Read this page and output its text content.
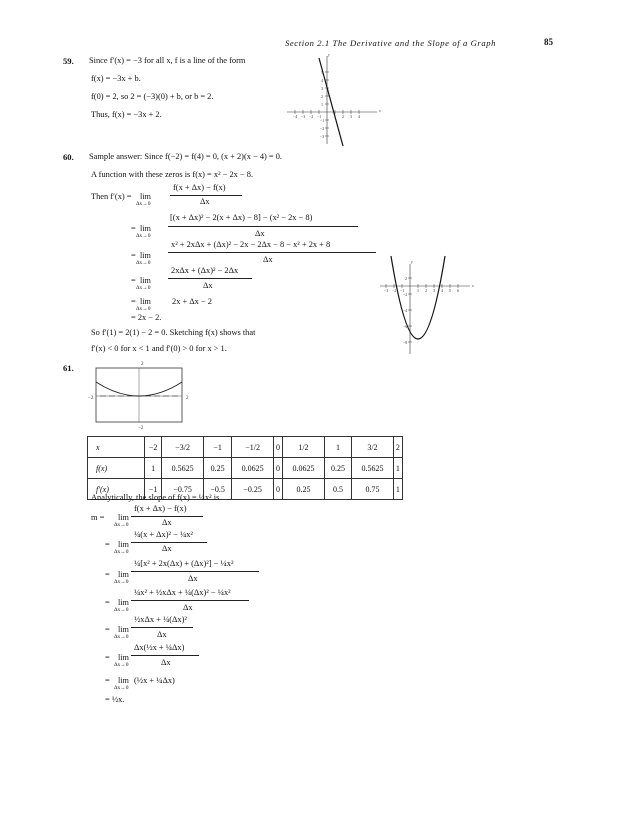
Section 2.1 The Derivative and the Slope of a Graph	85
59. Since f′(x) = −3 for all x, f is a line of the form
f(x) = −3x + b.
f(0) = 2, so 2 = (−3)(0) + b, or b = 2.
Thus, f(x) = −3x + 2.	−4 −3 −2 −1	1 2 3 4
5
4
3
2
1
−1
−2
−3
x
y
60. Sample answer: Since f(−2) = f(4) = 0, (x + 2)(x − 4) = 0.
A function with these zeros is f(x) = x² − 2x − 8.
Then f′(x) = lim
Δx→0
f(x + Δx) − f(x)
Δx
= lim
Δx→0
[(x + Δx)² − 2(x + Δx) − 8] − (x² − 2x − 8)
Δx
= lim
Δx→0
x² + 2xΔx + (Δx)² − 2x − 2Δx − 8 − x² + 2x + 8
Δx
= lim
Δx→0
2xΔx + (Δx)² − 2Δx
Δx
= lim
Δx→0
2x + Δx − 2
= 2x − 2.
So f′(1) = 2(1) − 2 = 0. Sketching f(x) shows that
f′(x) < 0 for x < 1 and f′(0) > 0 for x > 1.
−3 −2 −1	1 2 3 4 5 6
2
−2
−4
−6
−8
x
y
61.	2
−2
−2	2
x	−2	−3/2	−1	−1/2	0	1/2	1	3/2	2
f(x)	1	0.5625	0.25	0.0625	0	0.0625	0.25	0.5625	1
f′(x)	−1	−0.75	−0.5	−0.25	0	0.25	0.5	0.75	1
Analytically, the slope of f(x) = ¼x² is
m = lim
Δx→0
f(x + Δx) − f(x)
Δx
= lim
Δx→0
¼(x + Δx)² − ¼x²
Δx
= lim
Δx→0
¼[x² + 2x(Δx) + (Δx)²] − ¼x²
Δx
= lim
Δx→0
¼x² + ½xΔx + ¼(Δx)² − ¼x²
Δx
= lim
Δx→0
½xΔx + ¼(Δx)²
Δx
= lim
Δx→0
Δx(½x + ¼Δx)
Δx
= lim
Δx→0
(½x + ¼Δx)
= ½x.
